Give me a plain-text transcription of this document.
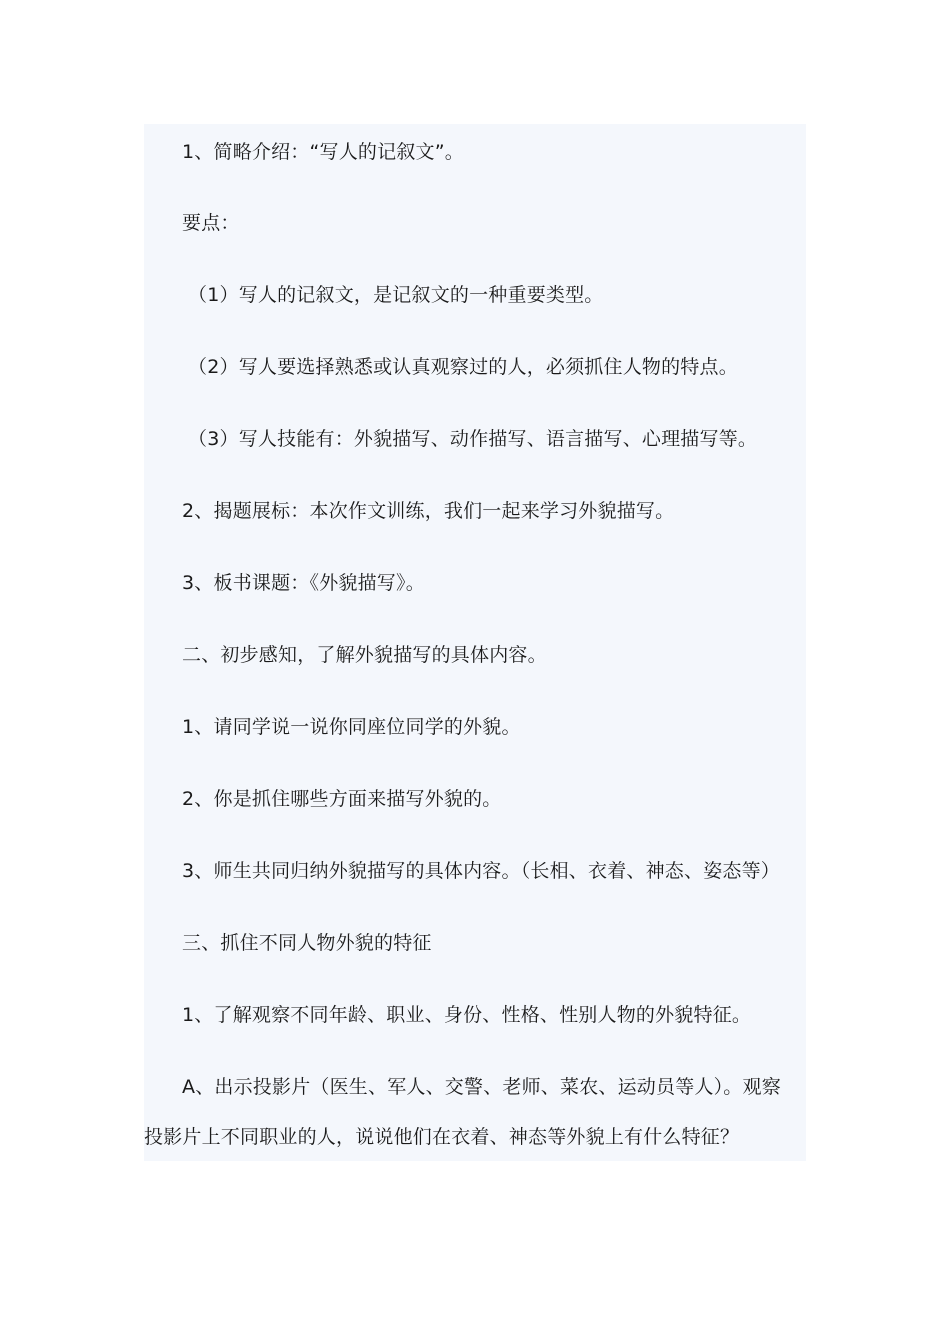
1、简略介绍：“写人的记叙文”。
要点：
（1）写人的记叙文，是记叙文的一种重要类型。
（2）写人要选择熟悉或认真观察过的人，必须抓住人物的特点。
（3）写人技能有：外貌描写、动作描写、语言描写、心理描写等。
2、揭题展标：本次作文训练，我们一起来学习外貌描写。
3、板书课题：《外貌描写》。
二、初步感知，了解外貌描写的具体内容。
1、请同学说一说你同座位同学的外貌。
2、你是抓住哪些方面来描写外貌的。
3、师生共同归纳外貌描写的具体内容。（长相、衣着、神态、姿态等）
三、抓住不同人物外貌的特征
1、了解观察不同年龄、职业、身份、性格、性别人物的外貌特征。
A、出示投影片（医生、军人、交警、老师、菜农、运动员等人）。观察
投影片上不同职业的人，说说他们在衣着、神态等外貌上有什么特征？
